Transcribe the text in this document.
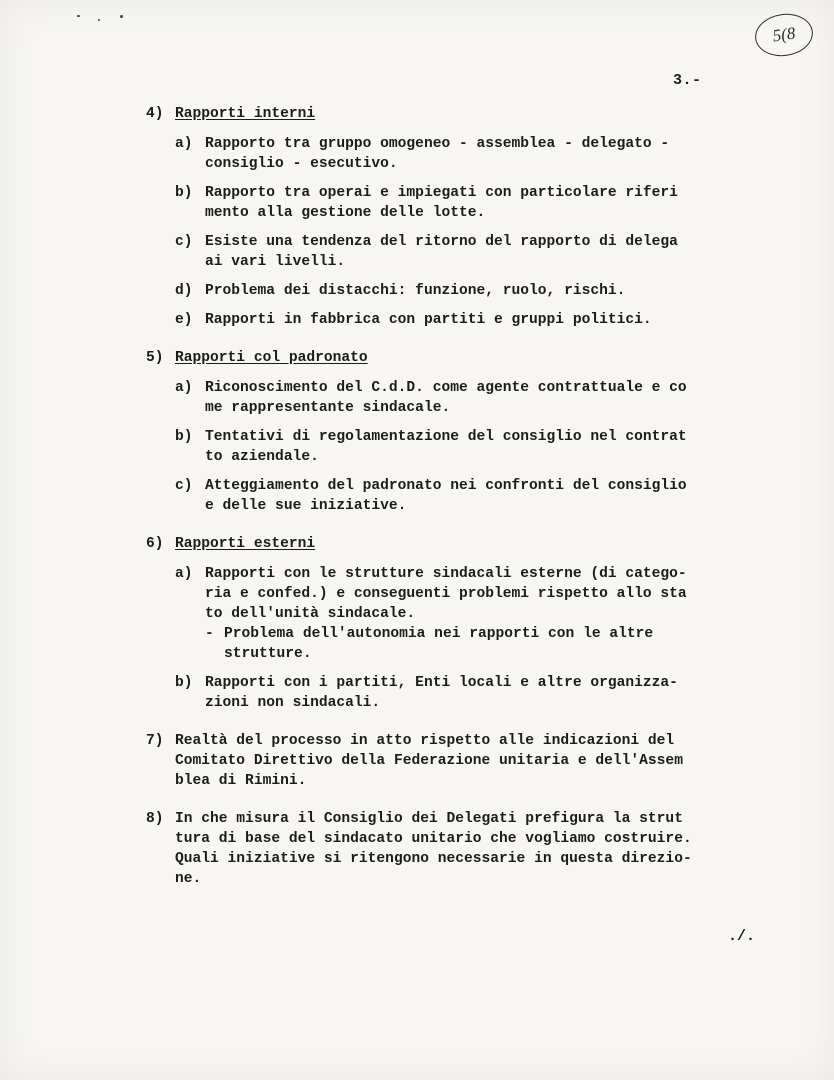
5(8
3.-
4) Rapporti interni
a) Rapporto tra gruppo omogeneo - assemblea - delegato -
consiglio - esecutivo.
b) Rapporto tra operai e impiegati con particolare riferi
mento alla gestione delle lotte.
c) Esiste una tendenza del ritorno del rapporto di delega
ai vari livelli.
d) Problema dei distacchi: funzione, ruolo, rischi.
e) Rapporti in fabbrica con partiti e gruppi politici.
5) Rapporti col padronato
a) Riconoscimento del C.d.D. come agente contrattuale e co
me rappresentante sindacale.
b) Tentativi di regolamentazione del consiglio nel contrat
to aziendale.
c) Atteggiamento del padronato nei confronti del consiglio
e delle sue iniziative.
6) Rapporti esterni
a) Rapporti con le strutture sindacali esterne (di catego-
ria e confed.) e conseguenti problemi rispetto allo sta
to dell'unità sindacale.
- Problema dell'autonomia nei rapporti con le altre
strutture.
b) Rapporti con i partiti, Enti locali e altre organizza-
zioni non sindacali.
7) Realtà del processo in atto rispetto alle indicazioni del
Comitato Direttivo della Federazione unitaria e dell'Assem
blea di Rimini.
8) In che misura il Consiglio dei Delegati prefigura la strut
tura di base del sindacato unitario che vogliamo costruire.
Quali iniziative si ritengono necessarie in questa direzio-
ne.
./.
